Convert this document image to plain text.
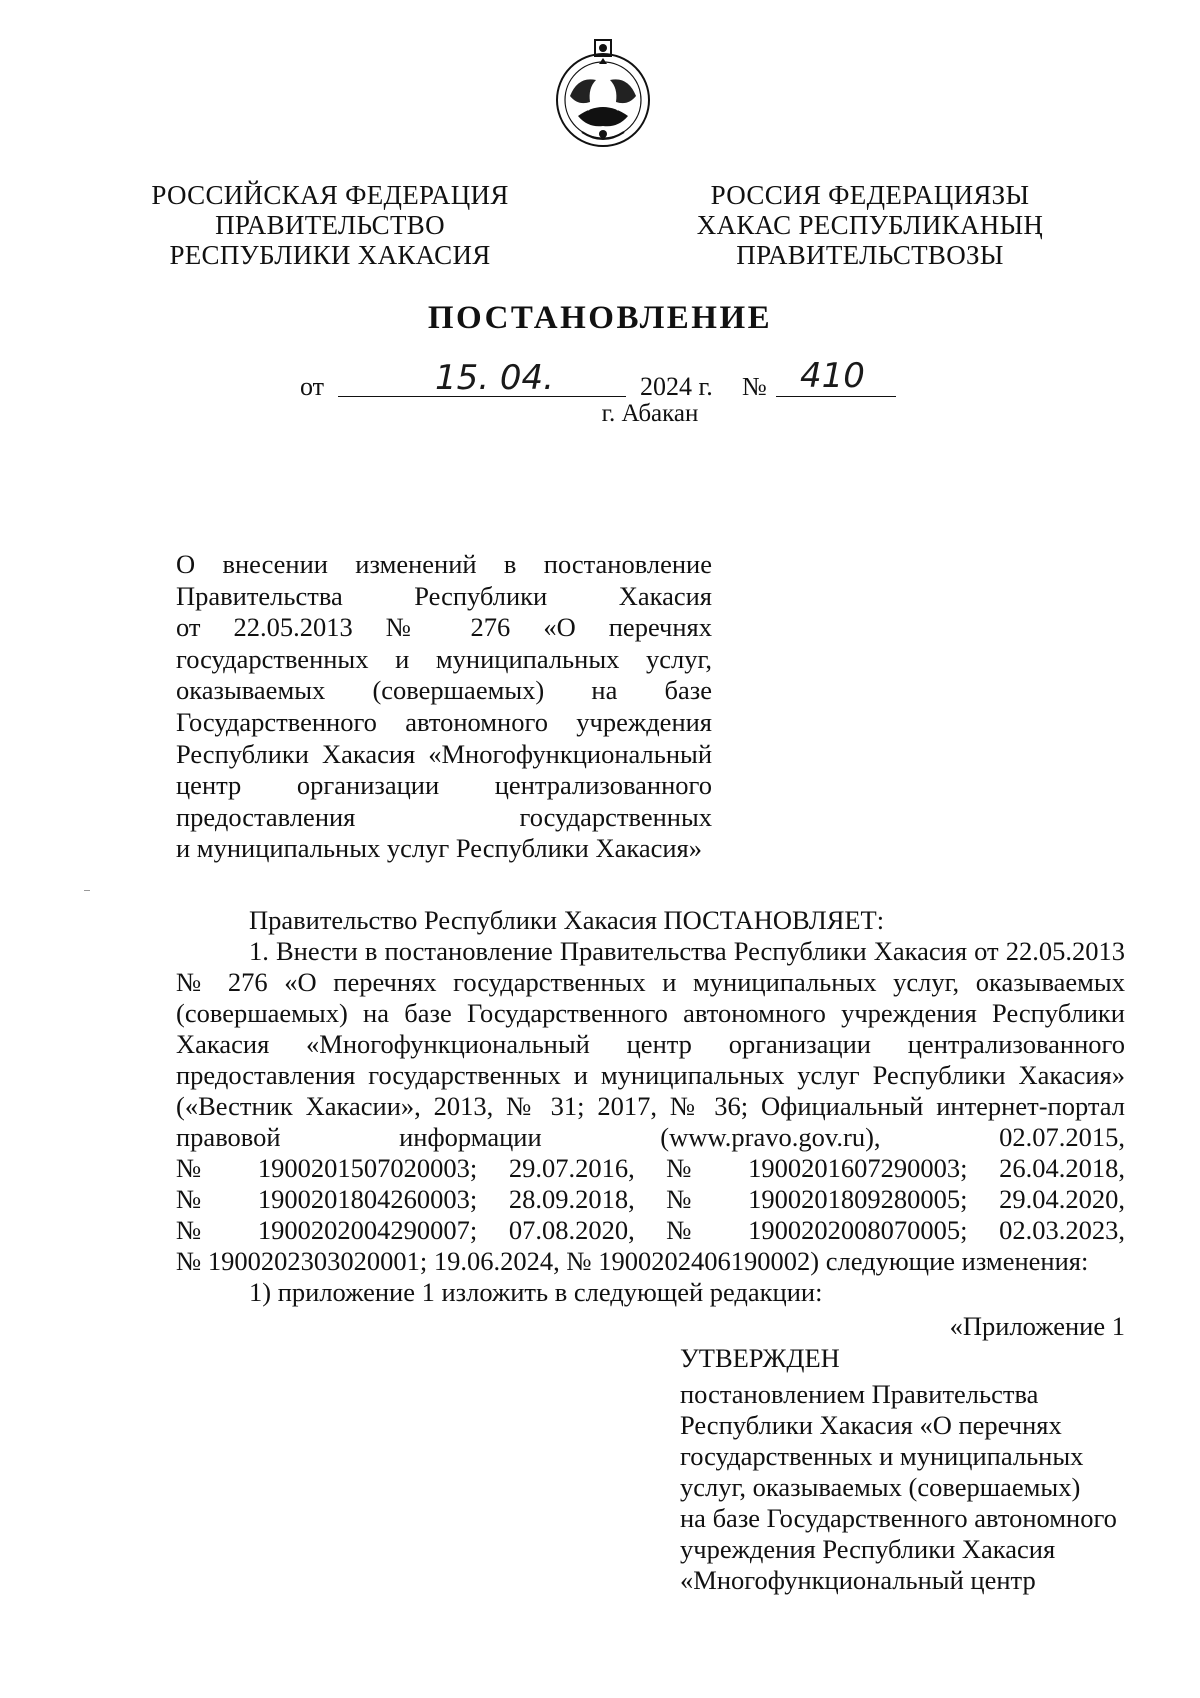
РОССИЙСКАЯ ФЕДЕРАЦИЯ
ПРАВИТЕЛЬСТВО
РЕСПУБЛИКИ ХАКАСИЯ
РОССИЯ ФЕДЕРАЦИЯЗЫ
ХАКАС РЕСПУБЛИКАНЫҢ
ПРАВИТЕЛЬСТВОЗЫ
ПОСТАНОВЛЕНИЕ
от	15. 04.	2024 г. № 410
г. Абакан
О внесении изменений в постановление
Правительства Республики Хакасия
от 22.05.2013 № 276 «О перечнях
государственных и муниципальных услуг,
оказываемых (совершаемых) на базе
Государственного автономного учреждения
Республики Хакасия «Многофункциональный
центр организации централизованного
предоставления государственных
и муниципальных услуг Республики Хакасия»
Правительство Республики Хакасия ПОСТАНОВЛЯЕТ:
1. Внести в постановление Правительства Республики Хакасия от 22.05.2013
№ 276 «О перечнях государственных и муниципальных услуг, оказываемых
(совершаемых) на базе Государственного автономного учреждения Республики
Хакасия «Многофункциональный центр организации централизованного
предоставления государственных и муниципальных услуг Республики Хакасия»
(«Вестник Хакасии», 2013, № 31; 2017, № 36; Официальный интернет-портал
правовой информации (www.pravo.gov.ru), 02.07.2015,
№ 1900201507020003; 29.07.2016, № 1900201607290003; 26.04.2018,
№ 1900201804260003; 28.09.2018, № 1900201809280005; 29.04.2020,
№ 1900202004290007; 07.08.2020, № 1900202008070005; 02.03.2023,
№ 1900202303020001; 19.06.2024, № 1900202406190002) следующие изменения:
1) приложение 1 изложить в следующей редакции:
«Приложение 1
УТВЕРЖДЕН
постановлением Правительства
Республики Хакасия «О перечнях
государственных и муниципальных
услуг, оказываемых (совершаемых)
на базе Государственного автономного
учреждения Республики Хакасия
«Многофункциональный центр
